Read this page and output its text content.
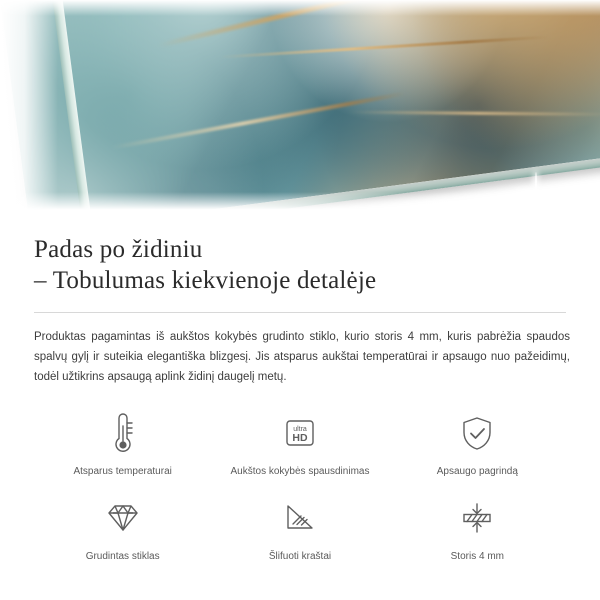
Padas po židiniu
– Tobulumas kiekvienoje detalėje

Produktas pagamintas iš aukštos kokybės grudinto stiklo, kurio storis 4 mm, kuris pabrėžia spaudos spalvų gylį ir suteikia elegantiška blizgesį. Jis atsparus aukštai temperatūrai ir apsaugo nuo pažeidimų, todėl užtikrins apsaugą aplink židinį daugelį metų.

Atsparus temperaturai
ultra
HD
Aukštos kokybės spausdinimas	Apsaugo pagrindą
Grudintas stiklas	Šlifuoti kraštai	Storis 4 mm
